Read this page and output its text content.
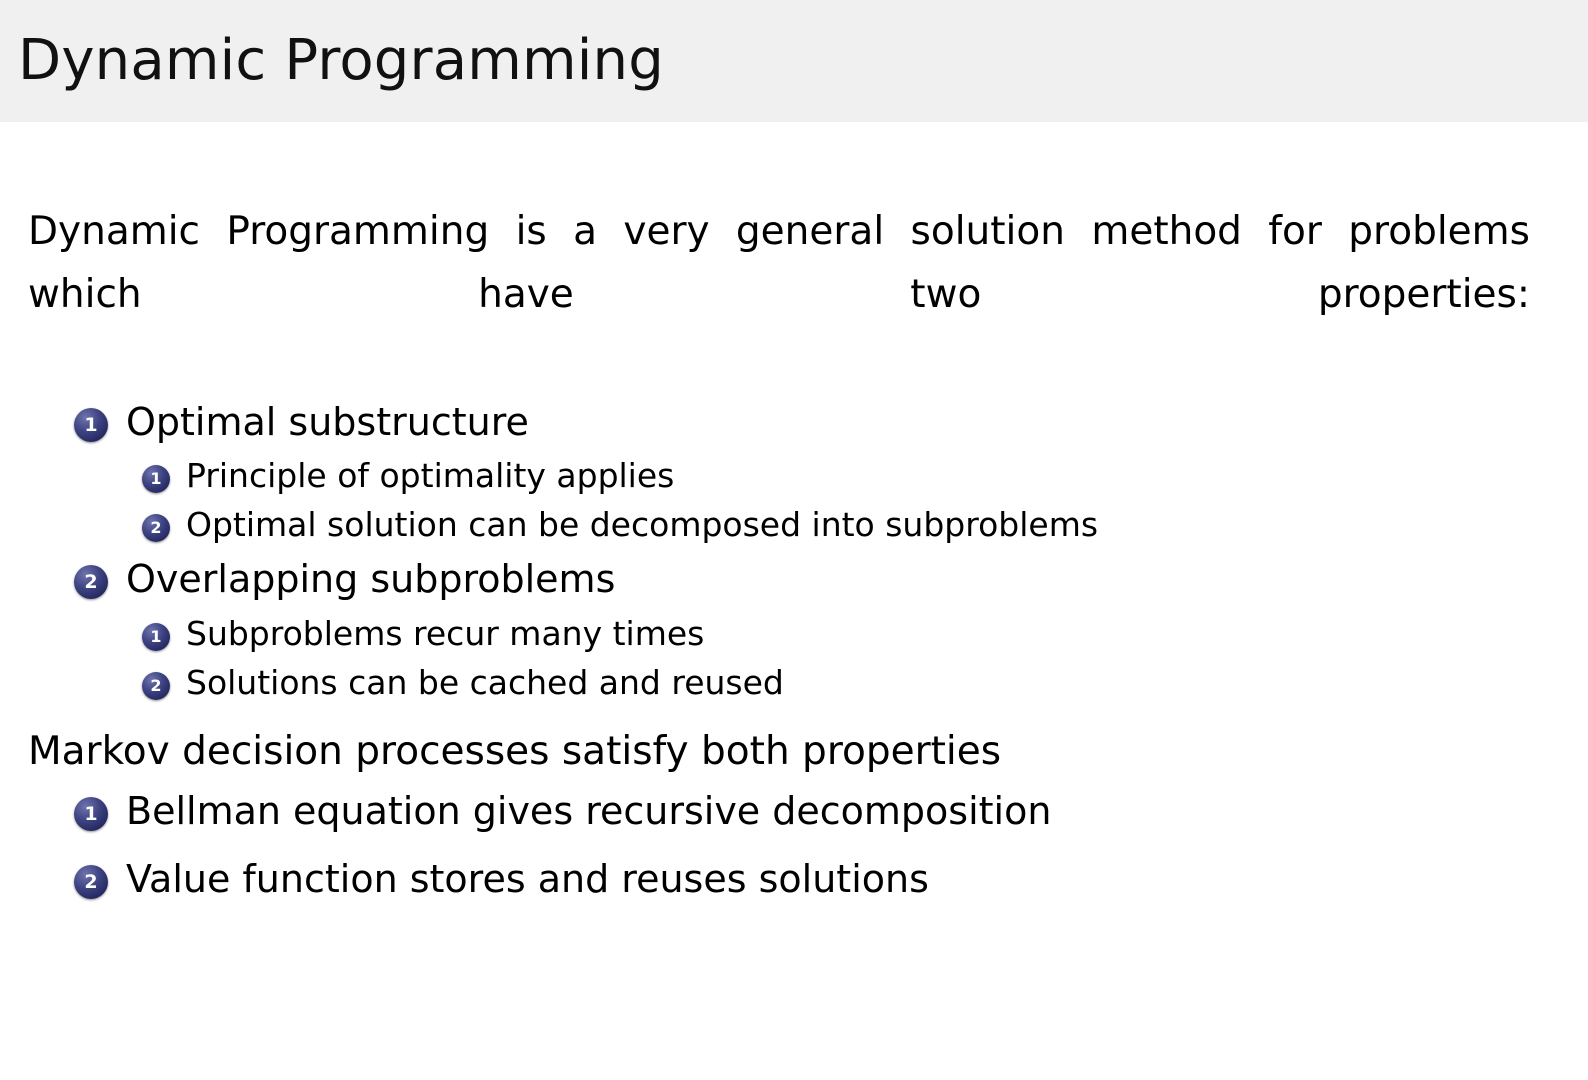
Dynamic Programming

Dynamic Programming is a very general solution method for problems which have two properties:

1 Optimal substructure
1 Principle of optimality applies
2 Optimal solution can be decomposed into subproblems
2 Overlapping subproblems
1 Subproblems recur many times
2 Solutions can be cached and reused

Markov decision processes satisfy both properties

1 Bellman equation gives recursive decomposition
2 Value function stores and reuses solutions
